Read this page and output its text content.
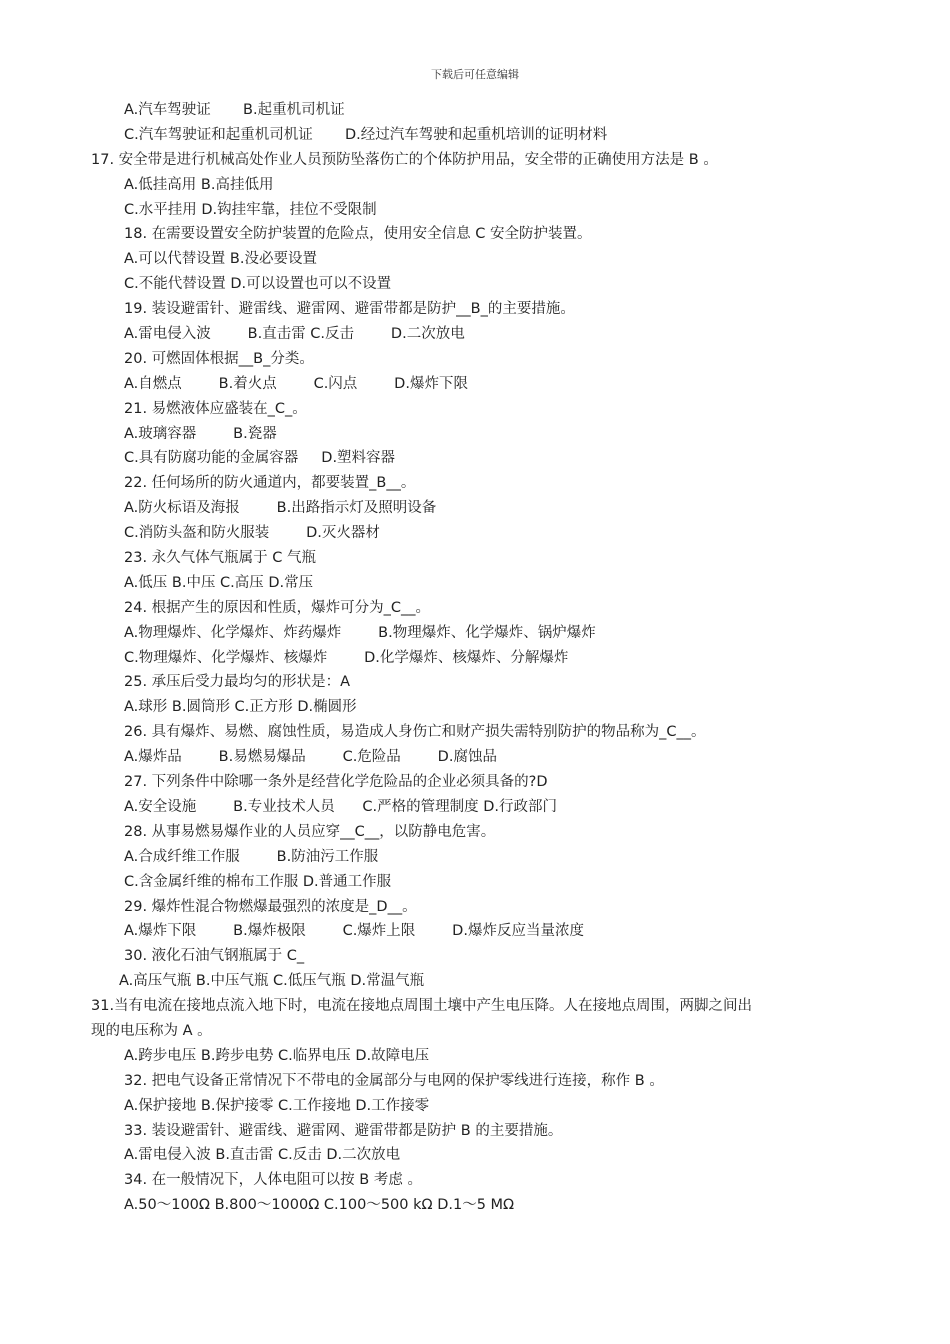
下载后可任意编辑
A.汽车驾驶证       B.起重机司机证
C.汽车驾驶证和起重机司机证       D.经过汽车驾驶和起重机培训的证明材料
17. 安全带是进行机械高处作业人员预防坠落伤亡的个体防护用品，安全带的正确使用方法是 B 。
A.低挂高用 B.高挂低用
C.水平挂用 D.钩挂牢靠，挂位不受限制
18. 在需要设置安全防护装置的危险点，使用安全信息 C 安全防护装置。
A.可以代替设置 B.没必要设置
C.不能代替设置 D.可以设置也可以不设置
19. 装设避雷针、避雷线、避雷网、避雷带都是防护__B_的主要措施。
A.雷电侵入波        B.直击雷 C.反击        D.二次放电
20. 可燃固体根据__B_分类。
A.自燃点        B.着火点        C.闪点        D.爆炸下限
21. 易燃液体应盛装在_C_。
A.玻璃容器        B.瓷器
C.具有防腐功能的金属容器     D.塑料容器
22. 任何场所的防火通道内，都要装置_B__。
A.防火标语及海报        B.出路指示灯及照明设备
C.消防头盔和防火服装        D.灭火器材
23. 永久气体气瓶属于 C 气瓶
A.低压 B.中压 C.高压 D.常压
24. 根据产生的原因和性质，爆炸可分为_C__。
A.物理爆炸、化学爆炸、炸药爆炸        B.物理爆炸、化学爆炸、锅炉爆炸
C.物理爆炸、化学爆炸、核爆炸        D.化学爆炸、核爆炸、分解爆炸
25. 承压后受力最均匀的形状是：A
A.球形 B.圆筒形 C.正方形 D.椭圆形
26. 具有爆炸、易燃、腐蚀性质，易造成人身伤亡和财产损失需特别防护的物品称为_C__。
A.爆炸品        B.易燃易爆品        C.危险品        D.腐蚀品
27. 下列条件中除哪一条外是经营化学危险品的企业必须具备的?D
A.安全设施        B.专业技术人员      C.严格的管理制度 D.行政部门
28. 从事易燃易爆作业的人员应穿__C__，以防静电危害。
A.合成纤维工作服        B.防油污工作服
C.含金属纤维的棉布工作服 D.普通工作服
29. 爆炸性混合物燃爆最强烈的浓度是_D__。
A.爆炸下限        B.爆炸极限        C.爆炸上限        D.爆炸反应当量浓度
30. 液化石油气钢瓶属于 C_
A.高压气瓶 B.中压气瓶 C.低压气瓶 D.常温气瓶
31.当有电流在接地点流入地下时，电流在接地点周围土壤中产生电压降。人在接地点周围，两脚之间出
现的电压称为 A 。
A.跨步电压 B.跨步电势 C.临界电压 D.故障电压
32. 把电气设备正常情况下不带电的金属部分与电网的保护零线进行连接，称作 B 。
A.保护接地 B.保护接零 C.工作接地 D.工作接零
33. 装设避雷针、避雷线、避雷网、避雷带都是防护 B 的主要措施。
A.雷电侵入波 B.直击雷 C.反击 D.二次放电
34. 在一般情况下，人体电阻可以按 B 考虑 。
A.50～100Ω B.800～1000Ω C.100～500 kΩ D.1～5 MΩ
